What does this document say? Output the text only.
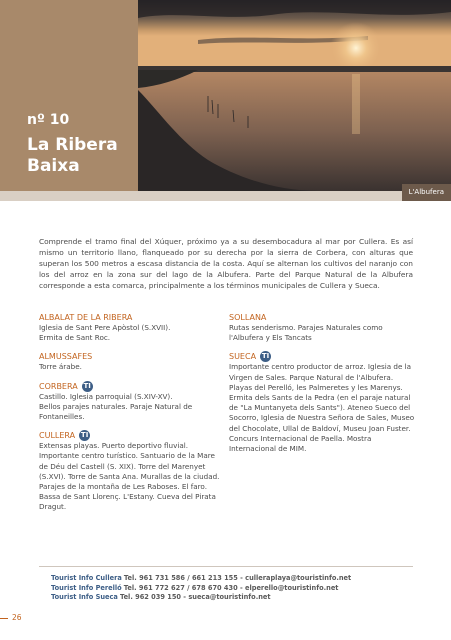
nº 10
La Ribera
Baixa
L'Albufera

Comprende el tramo final del Xúquer, próximo ya a su desembocadura al mar por Cullera. Es así mismo un territorio llano, flanqueado por su derecha por la sierra de Corbera, con alturas que superan los 500 metros a escasa distancia de la costa. Aquí se alternan los cultivos del naranjo con los del arroz en la zona sur del lago de la Albufera. Parte del Parque Natural de la Albufera corresponde a esta comarca, principalmente a los términos municipales de Cullera y Sueca.

ALBALAT DE LA RIBERA
Iglesia de Sant Pere Apòstol (S.XVII).
Ermita de Sant Roc.
ALMUSSAFES
Torre árabe.
CORBERA TI
Castillo. Iglesia parroquial (S.XIV-XV).
Bellos parajes naturales. Paraje Natural de Fontaneilles.
CULLERA TI
Extensas playas. Puerto deportivo fluvial. Importante centro turístico. Santuario de la Mare de Déu del Castell (S. XIX). Torre del Marenyet (S.XVI). Torre de Santa Ana. Murallas de la ciudad. Parajes de la montaña de Les Raboses. El faro. Bassa de Sant Llorenç. L'Estany. Cueva del Pirata Dragut.
SOLLANA
Rutas senderismo. Parajes Naturales como l'Albufera y Els Tancats
SUECA TI
Importante centro productor de arroz. Iglesia de la Virgen de Sales. Parque Natural de l'Albufera. Playas del Perelló, les Palmeretes y les Marenys. Ermita dels Sants de la Pedra (en el paraje natural de "La Muntanyeta dels Sants"). Ateneo Sueco del Socorro, Iglesia de Nuestra Señora de Sales, Museo del Chocolate, Ullal de Baldoví, Museu Joan Fuster. Concurs Internacional de Paella. Mostra Internacional de MIM.
Tourist Info Cullera Tel. 961 731 586 / 661 213 155 - culleraplaya@touristinfo.net
Tourist Info Perelló Tel. 961 772 627 / 678 670 430 - elperello@touristinfo.net
Tourist Info Sueca Tel. 962 039 150 - sueca@touristinfo.net
26
